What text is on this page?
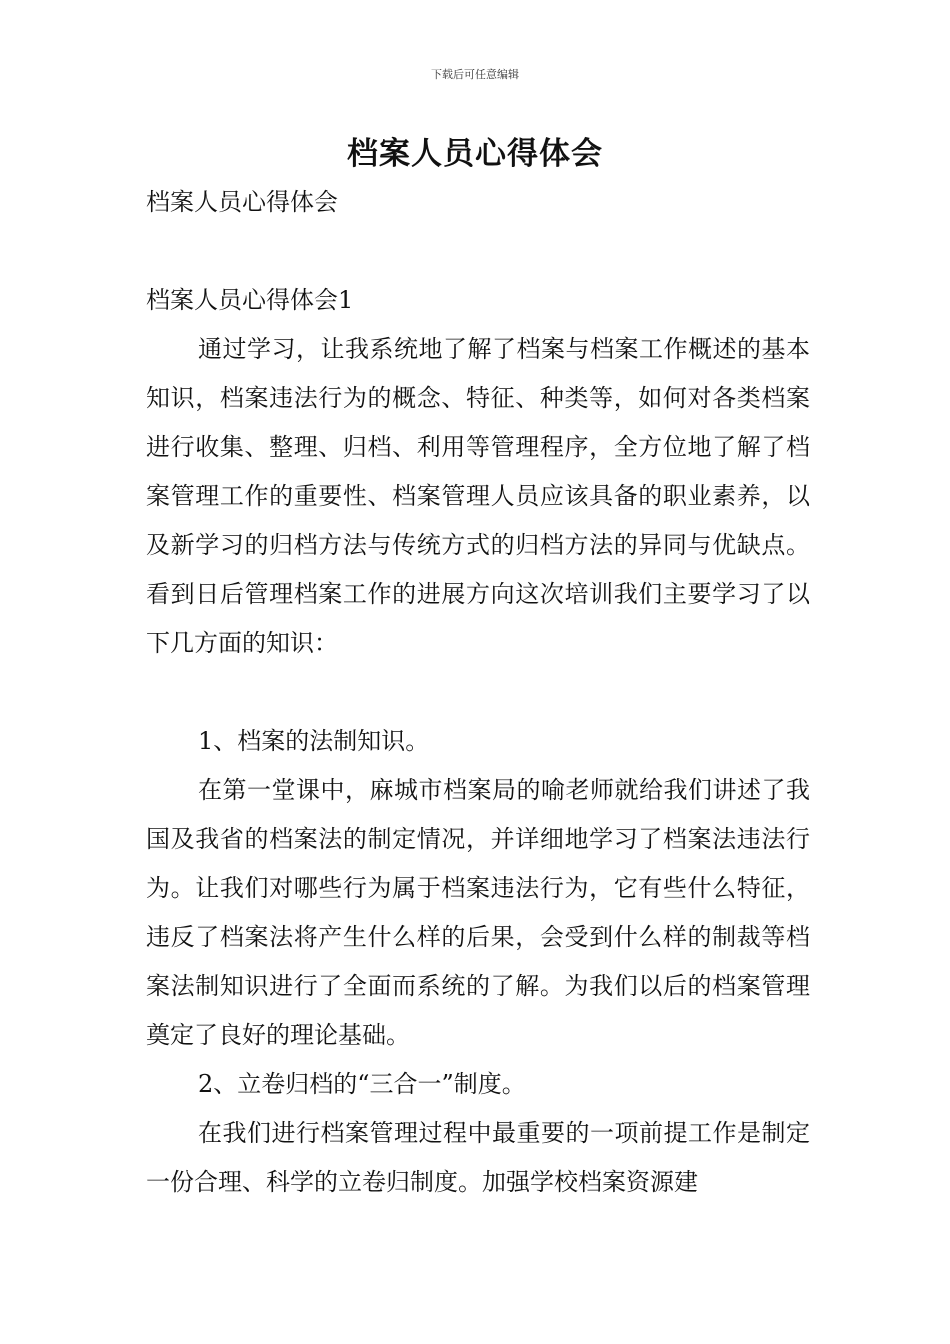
下载后可任意编辑
档案人员心得体会

档案人员心得体会

档案人员心得体会1

通过学习，让我系统地了解了档案与档案工作概述的基本知识，档案违法行为的概念、特征、种类等，如何对各类档案进行收集、整理、归档、利用等管理程序，全方位地了解了档案管理工作的重要性、档案管理人员应该具备的职业素养，以及新学习的归档方法与传统方式的归档方法的异同与优缺点。看到日后管理档案工作的进展方向这次培训我们主要学习了以下几方面的知识：

1、档案的法制知识。

在第一堂课中，麻城市档案局的喻老师就给我们讲述了我国及我省的档案法的制定情况，并详细地学习了档案法违法行为。让我们对哪些行为属于档案违法行为，它有些什么特征，违反了档案法将产生什么样的后果，会受到什么样的制裁等档案法制知识进行了全面而系统的了解。为我们以后的档案管理奠定了良好的理论基础。

2、立卷归档的“三合一”制度。

在我们进行档案管理过程中最重要的一项前提工作是制定一份合理、科学的立卷归制度。加强学校档案资源建
